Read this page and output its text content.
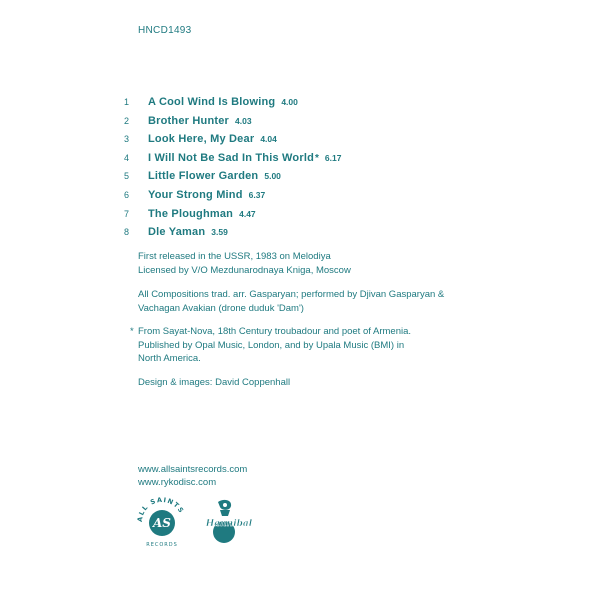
HNCD1493
1	A Cool Wind Is Blowing 4.00
2	Brother Hunter 4.03
3	Look Here, My Dear 4.04
4	I Will Not Be Sad In This World * 6.17
5	Little Flower Garden 5.00
6	Your Strong Mind 6.37
7	The Ploughman 4.47
8	Dle Yaman 3.59

First released in the USSR, 1983 on Melodiya

Licensed by V/O Mezdunarodnaya Kniga, Moscow

All Compositions trad. arr. Gasparyan; performed by Djivan Gasparyan &

Vachagan Avakian (drone duduk 'Dam')

* From Sayat-Nova, 18th Century troubadour and poet of Armenia.

Published by Opal Music, London, and by Upala Music (BMI) in

North America.

Design & images: David Coppenhall

www.allsaintsrecords.com
www.rykodisc.com
ALL SAINTS
AS
RECORDS
Hannibal
